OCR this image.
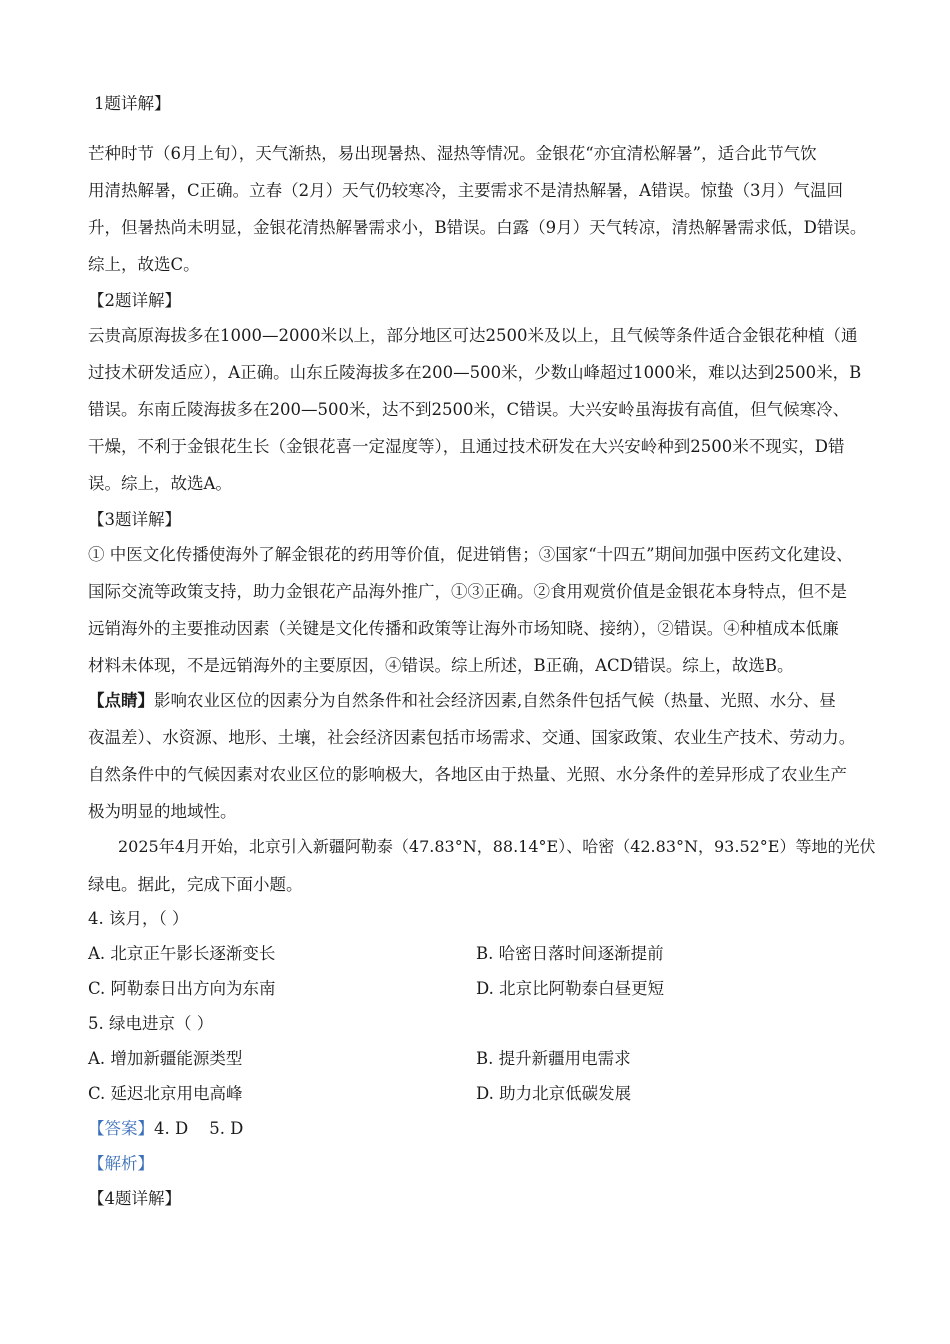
1题详解】
芒种时节（6月上旬），天气渐热，易出现暑热、湿热等情况。金银花“亦宜清松解暑”，适合此节气饮
用清热解暑，C正确。立春（2月）天气仍较寒冷，主要需求不是清热解暑，A错误。惊蛰（3月）气温回
升，但暑热尚未明显，金银花清热解暑需求小，B错误。白露（9月）天气转凉，清热解暑需求低，D错误。
综上，故选C。
【2题详解】
云贵高原海拔多在1000—2000米以上，部分地区可达2500米及以上，且气候等条件适合金银花种植（通
过技术研发适应），A正确。山东丘陵海拔多在200—500米，少数山峰超过1000米，难以达到2500米，B
错误。东南丘陵海拔多在200—500米，达不到2500米，C错误。大兴安岭虽海拔有高值，但气候寒冷、
干燥，不利于金银花生长（金银花喜一定湿度等），且通过技术研发在大兴安岭种到2500米不现实，D错
误。综上，故选A。
【3题详解】
① 中医文化传播使海外了解金银花的药用等价值，促进销售；③国家“十四五”期间加强中医药文化建设、
国际交流等政策支持，助力金银花产品海外推广，①③正确。②食用观赏价值是金银花本身特点，但不是
远销海外的主要推动因素（关键是文化传播和政策等让海外市场知晓、接纳），②错误。④种植成本低廉
材料未体现，不是远销海外的主要原因，④错误。综上所述，B正确，ACD错误。综上，故选B。
【点睛】影响农业区位的因素分为自然条件和社会经济因素,自然条件包括气候（热量、光照、水分、昼
夜温差）、水资源、地形、土壤，社会经济因素包括市场需求、交通、国家政策、农业生产技术、劳动力。
自然条件中的气候因素对农业区位的影响极大，各地区由于热量、光照、水分条件的差异形成了农业生产
极为明显的地域性。
2025年4月开始，北京引入新疆阿勒泰（47.83°N，88.14°E）、哈密（42.83°N，93.52°E）等地的光伏
绿电。据此，完成下面小题。
4. 该月，（ ）
A. 北京正午影长逐渐变长	B. 哈密日落时间逐渐提前
C. 阿勒泰日出方向为东南	D. 北京比阿勒泰白昼更短
5. 绿电进京（ ）
A. 增加新疆能源类型	B. 提升新疆用电需求
C. 延迟北京用电高峰	D. 助力北京低碳发展
【答案】4. D    5. D
【解析】
【4题详解】
